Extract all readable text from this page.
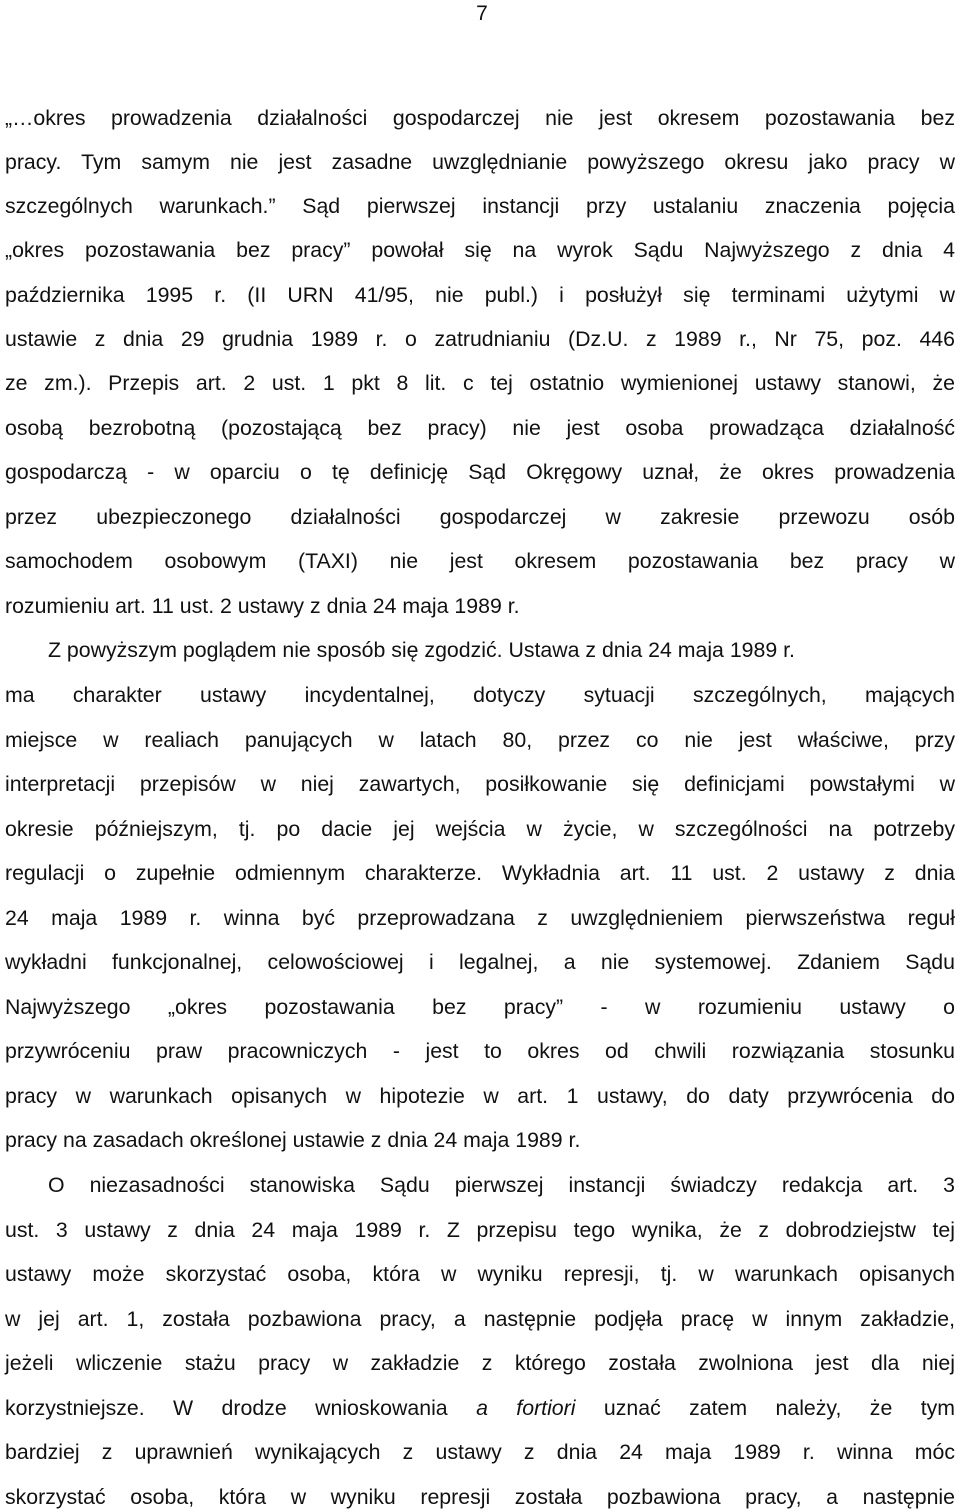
7
„…okres prowadzenia działalności gospodarczej nie jest okresem pozostawania bez
pracy. Tym samym nie jest zasadne uwzględnianie powyższego okresu jako pracy w
szczególnych warunkach.” Sąd pierwszej instancji przy ustalaniu znaczenia pojęcia
„okres pozostawania bez pracy” powołał się na wyrok Sądu Najwyższego z dnia 4
października 1995 r. (II URN 41/95, nie publ.) i posłużył się terminami użytymi w
ustawie z dnia 29 grudnia 1989 r. o zatrudnianiu (Dz.U. z 1989 r., Nr 75, poz. 446
ze zm.). Przepis art. 2 ust. 1 pkt 8 lit. c tej ostatnio wymienionej ustawy stanowi, że
osobą bezrobotną (pozostającą bez pracy) nie jest osoba prowadząca działalność
gospodarczą - w oparciu o tę definicję Sąd Okręgowy uznał, że okres prowadzenia
przez ubezpieczonego działalności gospodarczej w zakresie przewozu osób
samochodem osobowym (TAXI) nie jest okresem pozostawania bez pracy w
rozumieniu art. 11 ust. 2 ustawy z dnia 24 maja 1989 r.
Z powyższym poglądem nie sposób się zgodzić. Ustawa z dnia 24 maja 1989 r.
ma charakter ustawy incydentalnej, dotyczy sytuacji szczególnych, mających
miejsce w realiach panujących w latach 80, przez co nie jest właściwe, przy
interpretacji przepisów w niej zawartych, posiłkowanie się definicjami powstałymi w
okresie późniejszym, tj. po dacie jej wejścia w życie, w szczególności na potrzeby
regulacji o zupełnie odmiennym charakterze. Wykładnia art. 11 ust. 2 ustawy z dnia
24 maja 1989 r. winna być przeprowadzana z uwzględnieniem pierwszeństwa reguł
wykładni funkcjonalnej, celowościowej i legalnej, a nie systemowej. Zdaniem Sądu
Najwyższego „okres pozostawania bez pracy” - w rozumieniu ustawy o
przywróceniu praw pracowniczych - jest to okres od chwili rozwiązania stosunku
pracy w warunkach opisanych w hipotezie w art. 1 ustawy, do daty przywrócenia do
pracy na zasadach określonej ustawie z dnia 24 maja 1989 r.
O niezasadności stanowiska Sądu pierwszej instancji świadczy redakcja art. 3
ust. 3 ustawy z dnia 24 maja 1989 r. Z przepisu tego wynika, że z dobrodziejstw tej
ustawy może skorzystać osoba, która w wyniku represji, tj. w warunkach opisanych
w jej art. 1, została pozbawiona pracy, a następnie podjęła pracę w innym zakładzie,
jeżeli wliczenie stażu pracy w zakładzie z którego została zwolniona jest dla niej
korzystniejsze. W drodze wnioskowania a fortiori uznać zatem należy, że tym
bardziej z uprawnień wynikających z ustawy z dnia 24 maja 1989 r. winna móc
skorzystać osoba, która w wyniku represji została pozbawiona pracy, a następnie
